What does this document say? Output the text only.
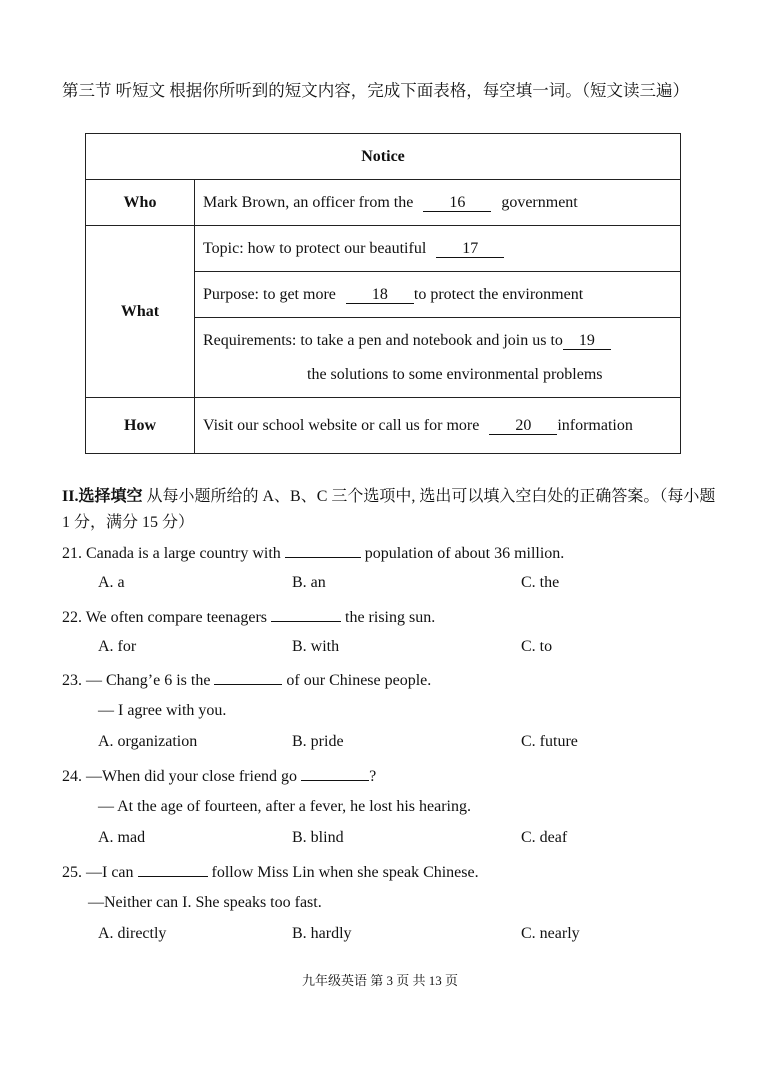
第三节 听短文 根据你所听到的短文内容，完成下面表格，每空填一词。（短文读三遍）
Notice	
Who	Mark Brown, an officer from the 16 government
What	Topic: how to protect our beautiful 17
	Purpose: to get more 18 to protect the environment

	Requirements: to take a pen and notebook and join us to 19
the solutions to some environmental problems

How	Visit our school website or call us for more 20 information
II.选择填空 从每小题所给的 A、B、C 三个选项中, 选出可以填入空白处的正确答案。（每小题 1 分，满分 15 分）
21. Canada is a large country with	population of about 36 million.
A. a	B. an	C. the
22. We often compare teenagers	the rising sun.
A. for	B. with	C. to
23. — Chang’e 6 is the	of our Chinese people.
— I agree with you.
A. organization	B. pride	C. future
24. —When did your close friend go	?
— At the age of fourteen, after a fever, he lost his hearing.
A. mad	B. blind	C. deaf
25. —I can	follow Miss Lin when she speak Chinese.
—Neither can I. She speaks too fast.
A. directly	B. hardly	C. nearly
九年级英语 第 3 页 共 13 页
